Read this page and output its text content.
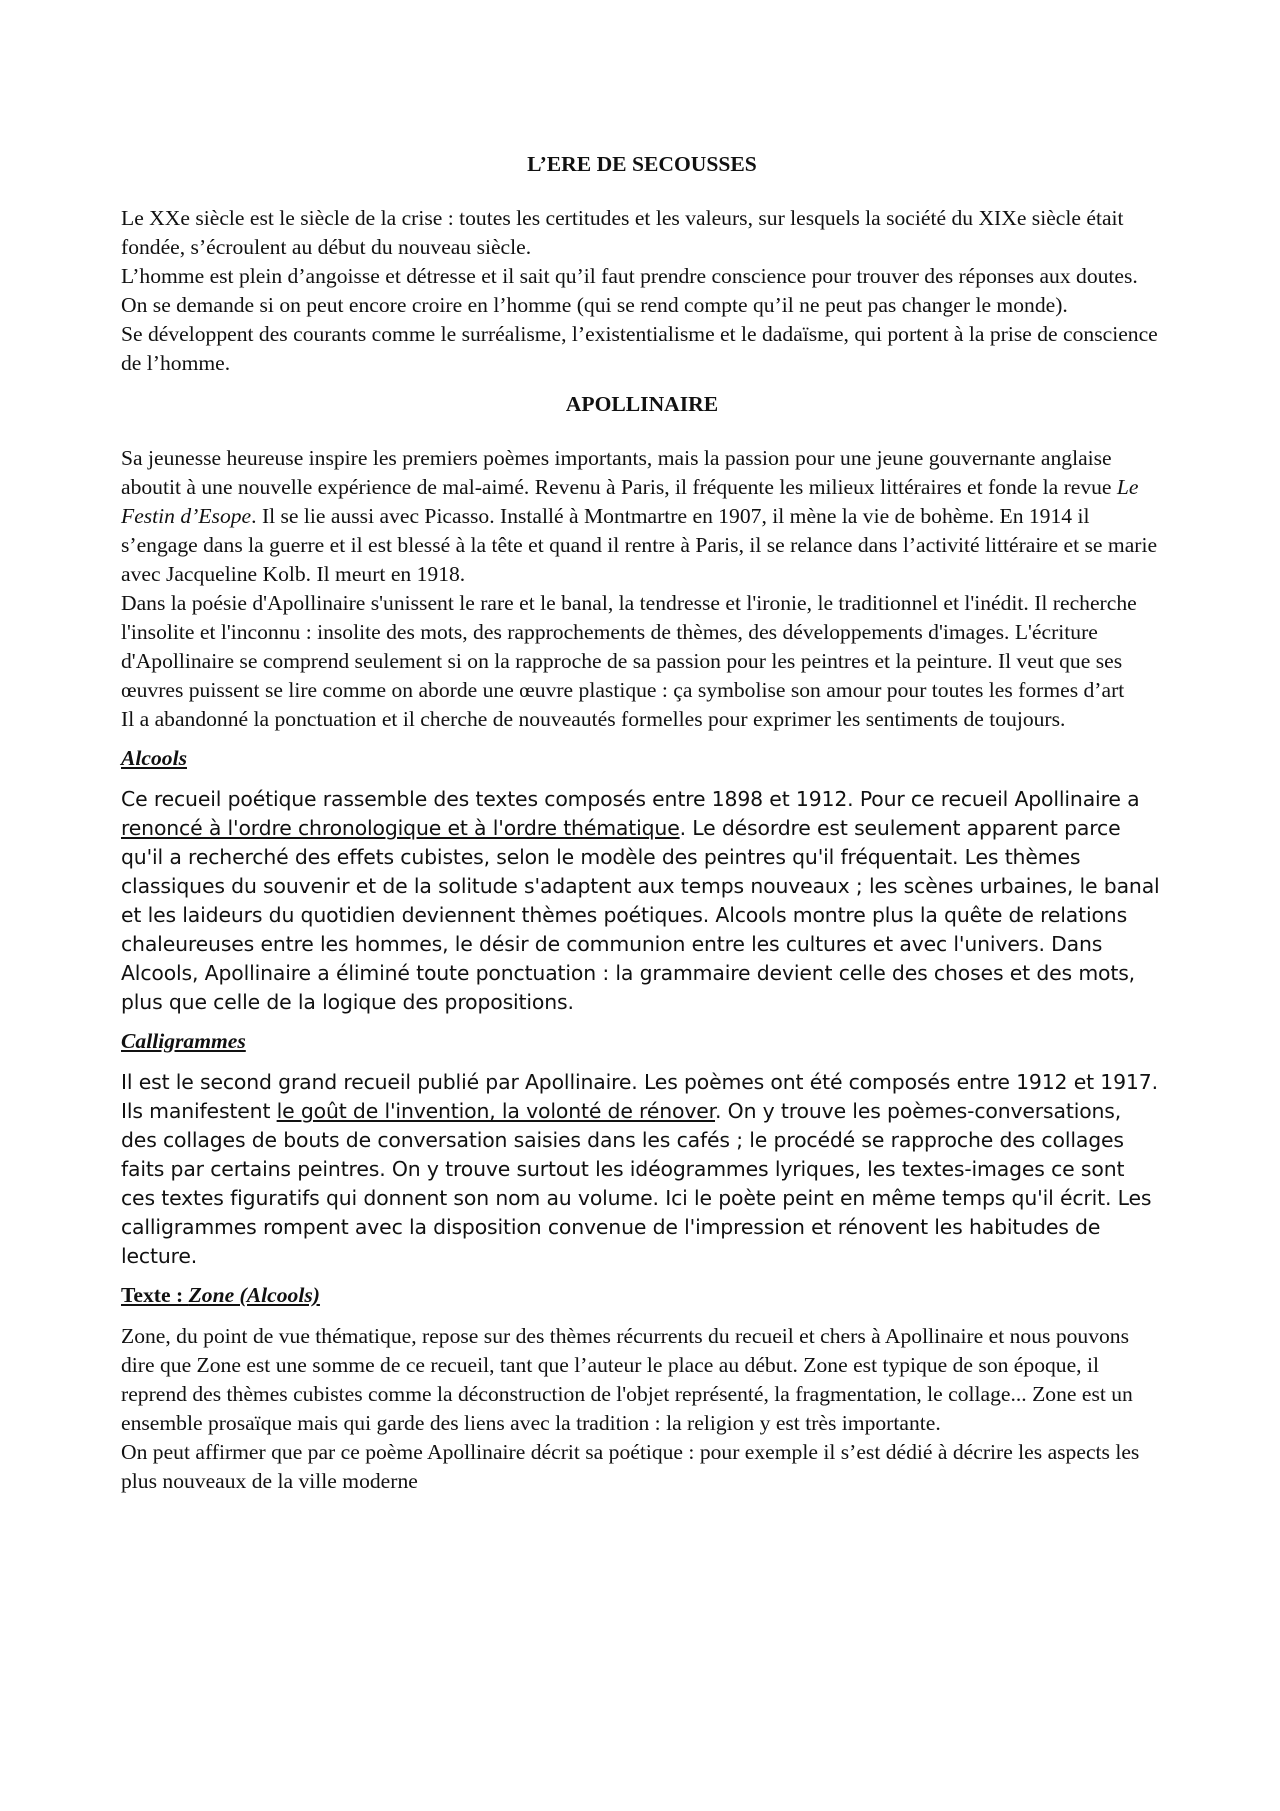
L’ERE DE SECOUSSES

Le XXe siècle est le siècle de la crise : toutes les certitudes et les valeurs, sur lesquels la société du XIXe siècle était fondée, s’écroulent au début du nouveau siècle.

L’homme est plein d’angoisse et détresse et il sait qu’il faut prendre conscience pour trouver des réponses aux doutes.

On se demande si on peut encore croire en l’homme (qui se rend compte qu’il ne peut pas changer le monde).

Se développent des courants comme le surréalisme, l’existentialisme et le dadaïsme, qui portent à la prise de conscience de l’homme.

APOLLINAIRE

Sa jeunesse heureuse inspire les premiers poèmes importants, mais la passion pour une jeune gouvernante anglaise aboutit à une nouvelle expérience de mal-aimé. Revenu à Paris, il fréquente les milieux littéraires et fonde la revue Le Festin d’Esope. Il se lie aussi avec Picasso. Installé à Montmartre en 1907, il mène la vie de bohème. En 1914 il s’engage dans la guerre et il est blessé à la tête et quand il rentre à Paris, il se relance dans l’activité littéraire et se marie avec Jacqueline Kolb. Il meurt en 1918.

Dans la poésie d'Apollinaire s'unissent le rare et le banal, la tendresse et l'ironie, le traditionnel et l'inédit. Il recherche l'insolite et l'inconnu : insolite des mots, des rapprochements de thèmes, des développements d'images. L'écriture d'Apollinaire se comprend seulement si on la rapproche de sa passion pour les peintres et la peinture. Il veut que ses œuvres puissent se lire comme on aborde une œuvre plastique : ça symbolise son amour pour toutes les formes d’art

Il a abandonné la ponctuation et il cherche de nouveautés formelles pour exprimer les sentiments de toujours.

Alcools

Ce recueil poétique rassemble des textes composés entre 1898 et 1912. Pour ce recueil Apollinaire a renoncé à l'ordre chronologique et à l'ordre thématique. Le désordre est seulement apparent parce qu'il a recherché des effets cubistes, selon le modèle des peintres qu'il fréquentait. Les thèmes classiques du souvenir et de la solitude s'adaptent aux temps nouveaux ; les scènes urbaines, le banal et les laideurs du quotidien deviennent thèmes poétiques. Alcools montre plus la quête de relations chaleureuses entre les hommes, le désir de communion entre les cultures et avec l'univers. Dans Alcools, Apollinaire a éliminé toute ponctuation : la grammaire devient celle des choses et des mots, plus que celle de la logique des propositions.

Calligrammes

Il est le second grand recueil publié par Apollinaire. Les poèmes ont été composés entre 1912 et 1917. Ils manifestent le goût de l'invention, la volonté de rénover. On y trouve les poèmes-conversations, des collages de bouts de conversation saisies dans les cafés ; le procédé se rapproche des collages faits par certains peintres. On y trouve surtout les idéogrammes lyriques, les textes-images ce sont ces textes figuratifs qui donnent son nom au volume. Ici le poète peint en même temps qu'il écrit. Les calligrammes rompent avec la disposition convenue de l'impression et rénovent les habitudes de lecture.

Texte : Zone (Alcools)

Zone, du point de vue thématique, repose sur des thèmes récurrents du recueil et chers à Apollinaire et nous pouvons dire que Zone est une somme de ce recueil, tant que l’auteur le place au début. Zone est typique de son époque, il reprend des thèmes cubistes comme la déconstruction de l'objet représenté, la fragmentation, le collage... Zone est un ensemble prosaïque mais qui garde des liens avec la tradition : la religion y est très importante.

On peut affirmer que par ce poème Apollinaire décrit sa poétique : pour exemple il s’est dédié à décrire les aspects les plus nouveaux de la ville moderne
